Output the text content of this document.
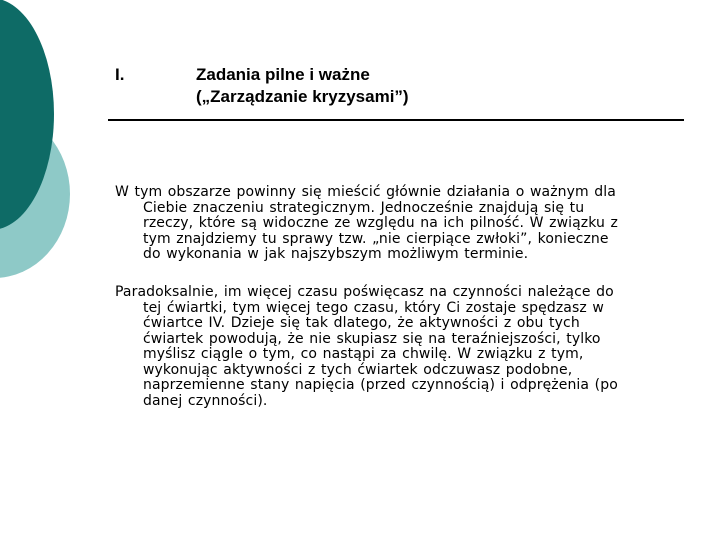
I.	Zadania pilne i ważne
(„Zarządzanie kryzysami”)
W tym obszarze powinny się mieścić głównie działania o ważnym dla
Ciebie znaczeniu strategicznym. Jednocześnie znajdują się tu
rzeczy, które są widoczne ze względu na ich pilność. W związku z
tym znajdziemy tu sprawy tzw. „nie cierpiące zwłoki”, konieczne
do wykonania w jak najszybszym możliwym terminie.
Paradoksalnie, im więcej czasu poświęcasz na czynności należące do
tej ćwiartki, tym więcej tego czasu, który Ci zostaje spędzasz w
ćwiartce IV. Dzieje się tak dlatego, że aktywności z obu tych
ćwiartek powodują, że nie skupiasz się na teraźniejszości, tylko
myślisz ciągle o tym, co nastąpi za chwilę. W związku z tym,
wykonując aktywności z tych ćwiartek odczuwasz podobne,
naprzemienne stany napięcia (przed czynnością) i odprężenia (po
danej czynności).
